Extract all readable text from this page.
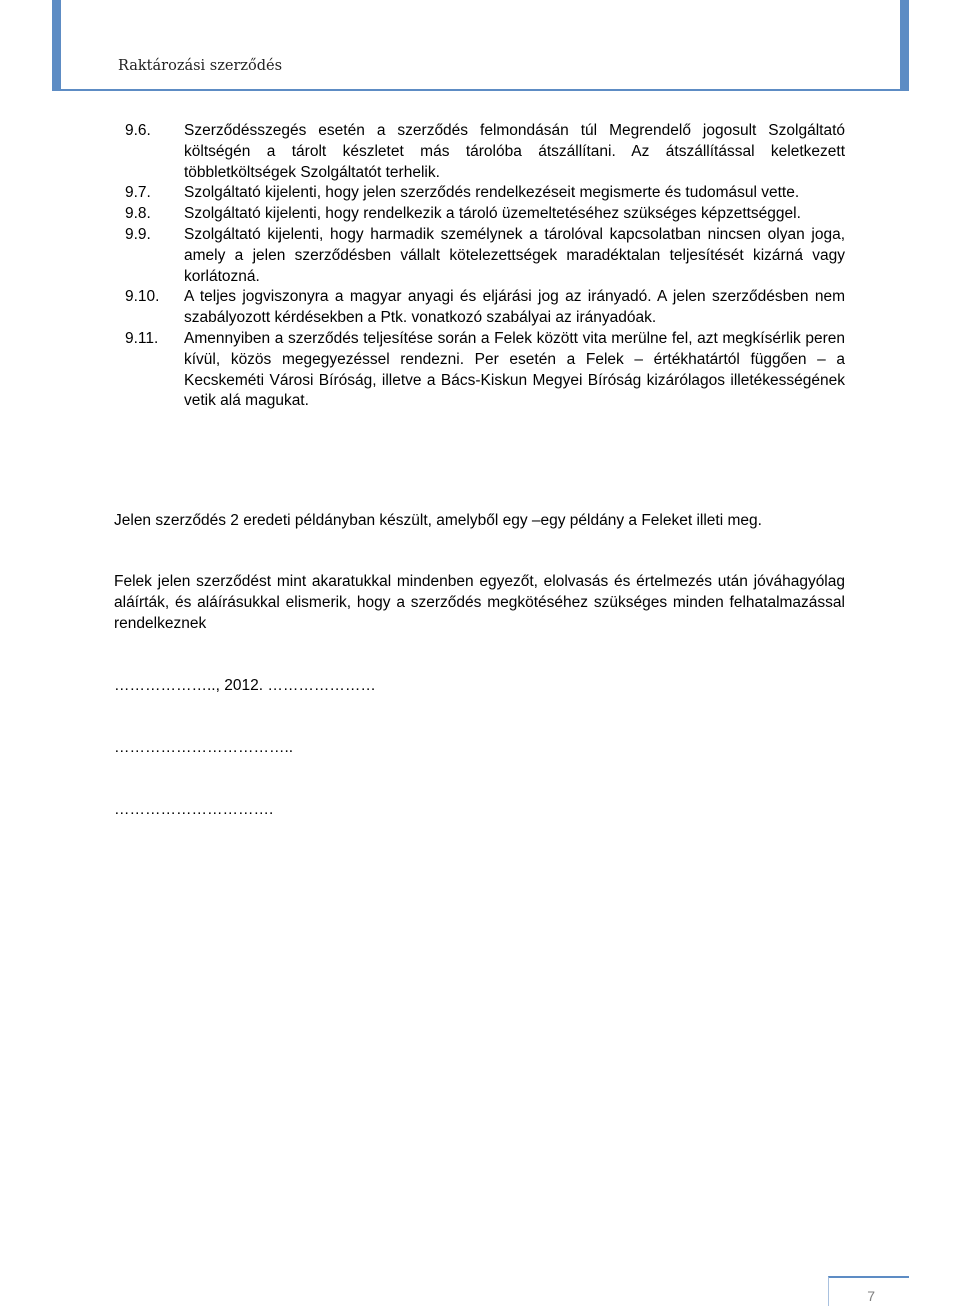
Raktározási szerződés
9.6.	Szerződésszegés esetén a szerződés felmondásán túl Megrendelő jogosult Szolgáltató költségén a tárolt készletet más tárolóba átszállítani. Az átszállítással keletkezett többletköltségek Szolgáltatót terhelik.
9.7.	Szolgáltató kijelenti, hogy jelen szerződés rendelkezéseit megismerte és tudomásul vette.
9.8.	Szolgáltató kijelenti, hogy rendelkezik a tároló üzemeltetéséhez szükséges képzettséggel.
9.9.	Szolgáltató kijelenti, hogy harmadik személynek a tárolóval kapcsolatban nincsen olyan joga, amely a jelen szerződésben vállalt kötelezettségek maradéktalan teljesítését kizárná vagy korlátozná.
9.10.	A teljes jogviszonyra a magyar anyagi és eljárási jog az irányadó. A jelen szerződésben nem szabályozott kérdésekben a Ptk. vonatkozó szabályai az irányadóak.
9.11.	Amennyiben a szerződés teljesítése során a Felek között vita merülne fel, azt megkísérlik peren kívül, közös megegyezéssel rendezni. Per esetén a Felek – értékhatártól függően – a Kecskeméti Városi Bíróság, illetve a Bács-Kiskun Megyei Bíróság kizárólagos illetékességének vetik alá magukat.
Jelen szerződés 2 eredeti példányban készült, amelyből egy –egy példány a Feleket illeti meg.
Felek jelen szerződést mint akaratukkal mindenben egyezőt, elolvasás és értelmezés után jóváhagyólag aláírták, és aláírásukkal elismerik, hogy a szerződés megkötéséhez szükséges minden felhatalmazással rendelkeznek
……………….., 2012. …………………
……………………………..
………………………….
7
